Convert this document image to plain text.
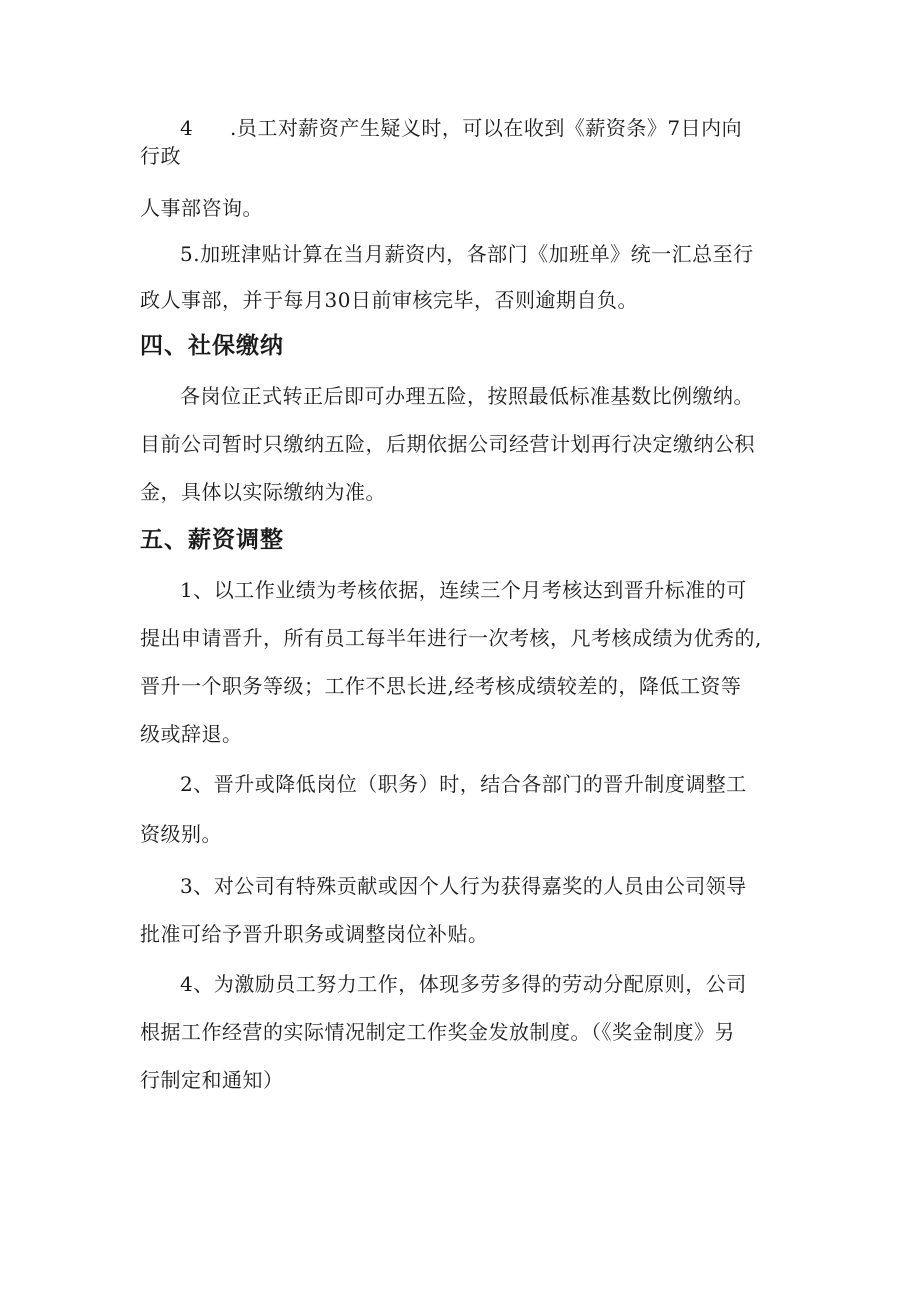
4 .员工对薪资产生疑义时，可以在收到《薪资条》7日内向
行政
人事部咨询。
5.加班津贴计算在当月薪资内，各部门《加班单》统一汇总至行
政人事部，并于每月30日前审核完毕，否则逾期自负。
四、社保缴纳
各岗位正式转正后即可办理五险，按照最低标准基数比例缴纳。
目前公司暂时只缴纳五险，后期依据公司经营计划再行决定缴纳公积
金，具体以实际缴纳为准。
五、薪资调整
1、以工作业绩为考核依据，连续三个月考核达到晋升标准的可
提出申请晋升，所有员工每半年进行一次考核，凡考核成绩为优秀的,
晋升一个职务等级；工作不思长进,经考核成绩较差的，降低工资等
级或辞退。
2、晋升或降低岗位（职务）时，结合各部门的晋升制度调整工
资级别。
3、对公司有特殊贡献或因个人行为获得嘉奖的人员由公司领导
批准可给予晋升职务或调整岗位补贴。
4、为激励员工努力工作，体现多劳多得的劳动分配原则，公司
根据工作经营的实际情况制定工作奖金发放制度。（《奖金制度》另
行制定和通知）
